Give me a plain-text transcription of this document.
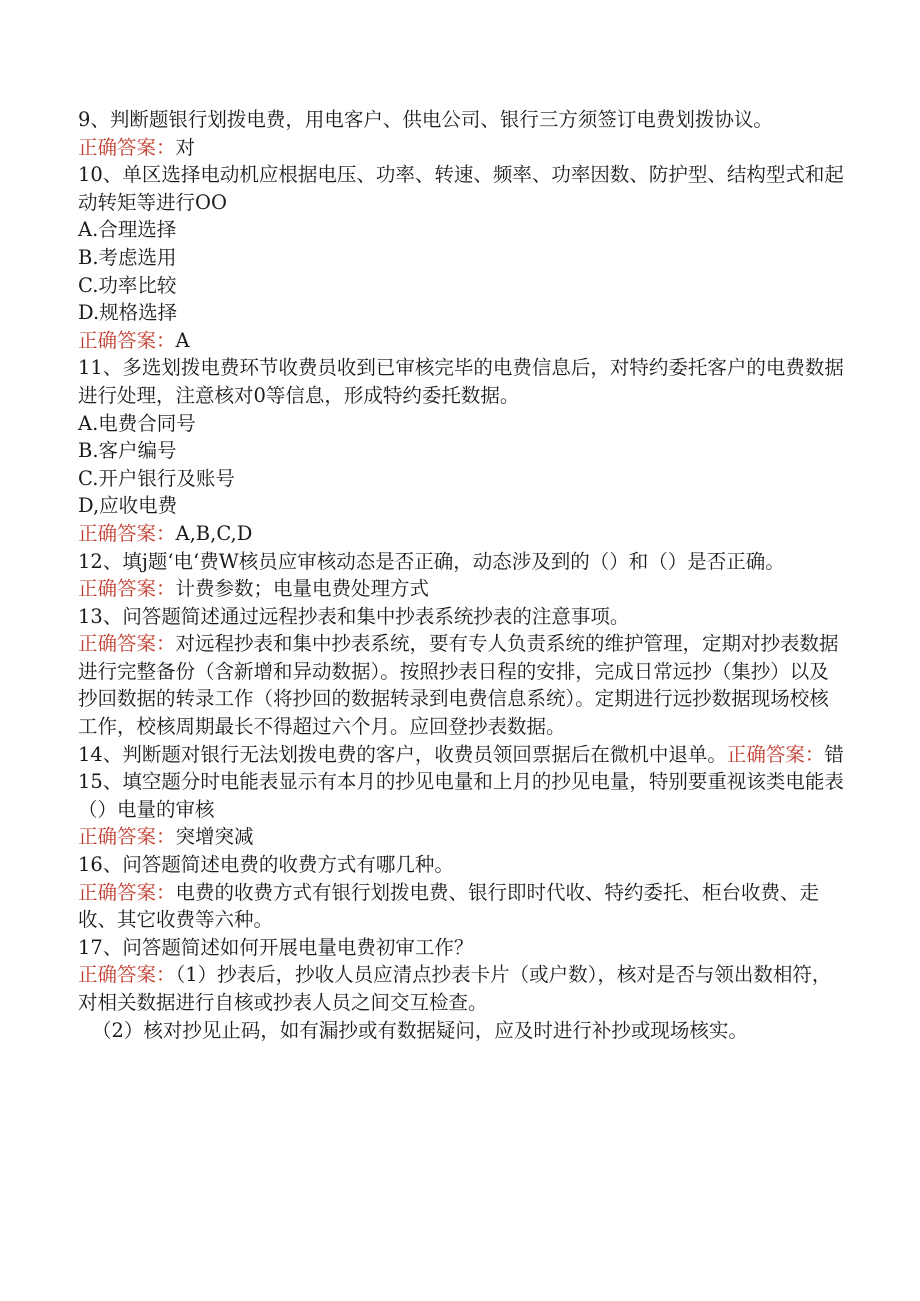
9、判断题银行划拨电费，用电客户、供电公司、银行三方须签订电费划拨协议。

正确答案：对

10、单区选择电动机应根据电压、功率、转速、频率、功率因数、防护型、结构型式和起动转矩等进行OO

A.合理选择

B.考虑选用

C.功率比较

D.规格选择

正确答案：A

11、多选划拨电费环节收费员收到已审核完毕的电费信息后，对特约委托客户的电费数据进行处理，注意核对0等信息，形成特约委托数据。

A.电费合同号

B.客户编号

C.开户银行及账号

D,应收电费

正确答案：A,B,C,D

12、填j题‘电‘费W核员应审核动态是否正确，动态涉及到的（）和（）是否正确。

正确答案：计费参数；电量电费处理方式

13、问答题简述通过远程抄表和集中抄表系统抄表的注意事项。

正确答案：对远程抄表和集中抄表系统，要有专人负责系统的维护管理，定期对抄表数据进行完整备份（含新增和异动数据）。按照抄表日程的安排，完成日常远抄（集抄）以及抄回数据的转录工作（将抄回的数据转录到电费信息系统）。定期进行远抄数据现场校核工作，校核周期最长不得超过六个月。应回登抄表数据。

14、判断题对银行无法划拨电费的客户，收费员领回票据后在微机中退单。正确答案：错

15、填空题分时电能表显示有本月的抄见电量和上月的抄见电量，特别要重视该类电能表（）电量的审核

正确答案：突增突减

16、问答题简述电费的收费方式有哪几种。

正确答案：电费的收费方式有银行划拨电费、银行即时代收、特约委托、柜台收费、走收、其它收费等六种。

17、问答题简述如何开展电量电费初审工作？

正确答案：（1）抄表后，抄收人员应清点抄表卡片（或户数），核对是否与领出数相符，对相关数据进行自核或抄表人员之间交互检查。

（2）核对抄见止码，如有漏抄或有数据疑问，应及时进行补抄或现场核实。
